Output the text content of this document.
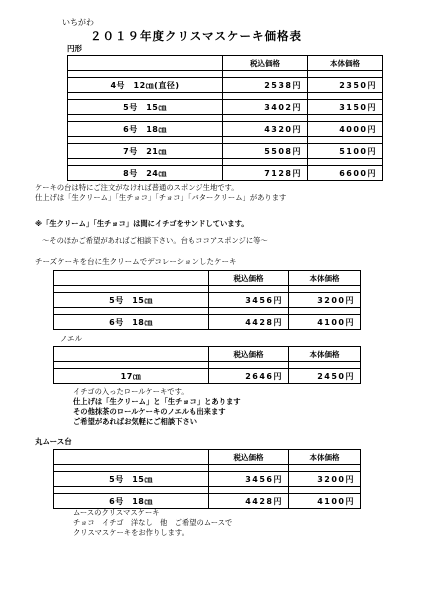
いちがわ
２０１９年度クリスマスケーキ価格表
円形
	税込価格	本体価格

4号　12㎝(直径)	2538円	2350円

5号　15㎝	3402円	3150円

6号　18㎝	4320円	4000円

7号　21㎝	5508円	5100円

8号　24㎝	7128円	6600円
ケーキの台は特にご注文がなければ普通のスポンジ生地です。
仕上げは「生クリーム」「生チョコ」「チョコ」「バタークリーム」があります
※「生クリーム」「生チョコ」は間にイチゴをサンドしています。
～そのほかご希望があればご相談下さい。台もココアスポンジに等～
チーズケーキを台に生クリームでデコレーションしたケーキ
	税込価格	本体価格

5号　15㎝	3456円	3200円

6号　18㎝	4428円	4100円
ノエル
	税込価格	本体価格

17㎝	2646円	2450円
イチゴの入ったロールケーキです。
仕上げは「生クリーム」と「生チョコ」とあります
その他抹茶のロールケーキのノエルも出来ます
ご希望があればお気軽にご相談下さい
丸ムース台
	税込価格	本体価格

5号　15㎝	3456円	3200円

6号　18㎝	4428円	4100円
ムースのクリスマスケーキ
チョコ　イチゴ　洋なし　他　ご希望のムースで
クリスマスケーキをお作りします。
